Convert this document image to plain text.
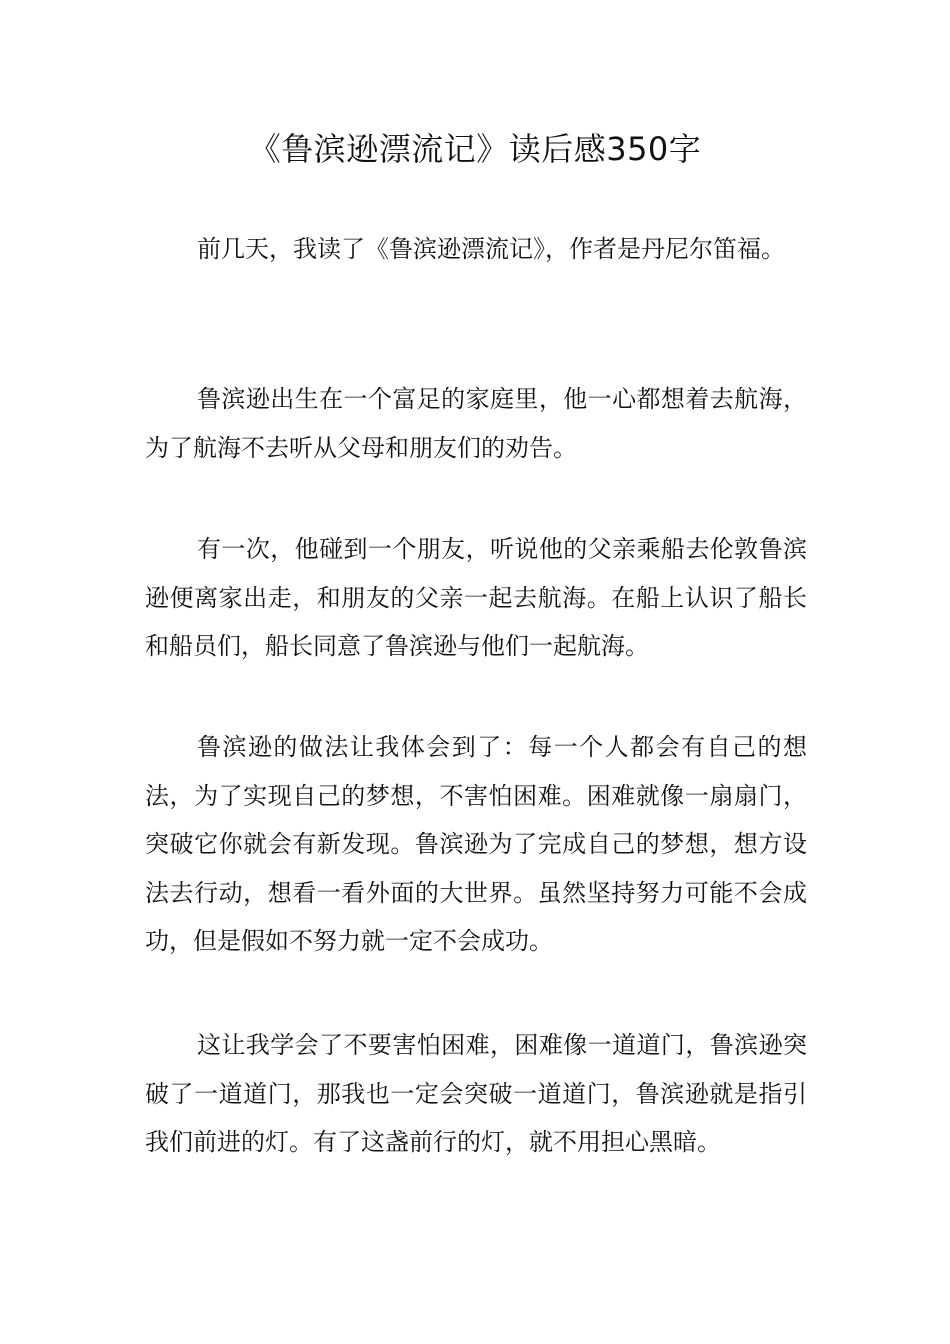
《鲁滨逊漂流记》读后感350字

前几天，我读了《鲁滨逊漂流记》，作者是丹尼尔笛福。

鲁滨逊出生在一个富足的家庭里，他一心都想着去航海，为了航海不去听从父母和朋友们的劝告。

有一次，他碰到一个朋友，听说他的父亲乘船去伦敦鲁滨逊便离家出走，和朋友的父亲一起去航海。在船上认识了船长和船员们，船长同意了鲁滨逊与他们一起航海。

鲁滨逊的做法让我体会到了：每一个人都会有自己的想法，为了实现自己的梦想，不害怕困难。困难就像一扇扇门，突破它你就会有新发现。鲁滨逊为了完成自己的梦想，想方设法去行动，想看一看外面的大世界。虽然坚持努力可能不会成功，但是假如不努力就一定不会成功。

这让我学会了不要害怕困难，困难像一道道门，鲁滨逊突破了一道道门，那我也一定会突破一道道门，鲁滨逊就是指引我们前进的灯。有了这盏前行的灯，就不用担心黑暗。
